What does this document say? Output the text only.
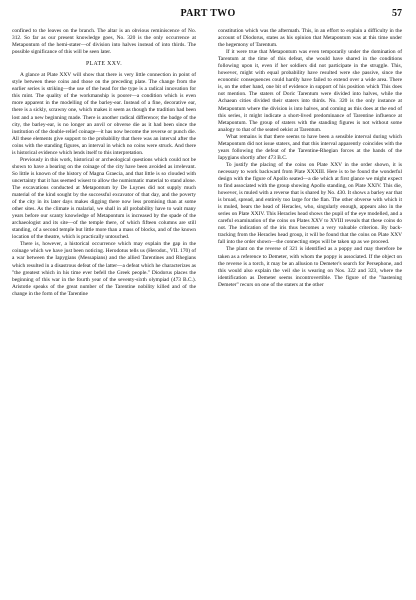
PART TWO	57

confined to the leaves on the branch. The altar is an obvious reminiscence of No. 312. So far as our present knowledge goes, No. 320 is the only occurrence at Metapontum of the hemi-stater—of division into halves instead of into thirds. The possible significance of this will be seen later.

PLATE XXV.

A glance at Plate XXV will show that there is very little connection in point of style between these coins and those on the preceding plate. The change from the earlier series is striking—the use of the head for the type is a radical innovation for this mint. The quality of the workmanship is poorer—a condition which is even more apparent in the modelling of the barley-ear. Instead of a fine, decorative ear, there is a sickly, scrawny one, which makes it seem as though the tradition had been lost and a new beginning made. There is another radical difference; the badge of the city, the barley-ear, is no longer an anvil or obverse die as it had been since the institution of the double-relief coinage—it has now become the reverse or punch die. All these elements give support to the probability that there was an interval after the coins with the standing figures, an interval in which no coins were struck. And there is historical evidence which lends itself to this interpretation.

Previously in this work, historical or archeological questions which could not be shown to have a bearing on the coinage of the city have been avoided as irrelevant. So little is known of the history of Magna Graecia, and that little is so clouded with uncertainty that it has seemed wisest to allow the numismatic material to stand alone. The excavations conducted at Metapontum by De Luynes did not supply much material of the kind sought by the successful excavator of that day, and the poverty of the city in its later days makes digging there now less promising than at some other sites. As the climate is malarial, we shall in all probability have to wait many years before our scanty knowledge of Metapontum is increased by the spade of the archaeologist and its site—of the temple there, of which fifteen columns are still standing, of a second temple but little more than a mass of blocks, and of the known location of the theatre, which is practically untouched.

There is, however, a historical occurrence which may explain the gap in the coinage which we have just been noticing. Herodotus tells us (Herodot., VII. 170) of a war between the Iapygians (Messapians) and the allied Tarentines and Rhegians which resulted in a disastrous defeat of the latter—a defeat which he characterizes as "the greatest which in his time ever befell the Greek people." Diodorus places the beginning of this war in the fourth year of the seventy-sixth olympiad (473 B.C.). Aristotle speaks of the great number of the Tarentine nobility killed and of the change in the form of the Tarentine

constitution which was the aftermath. This, in an effort to explain a difficulty in the account of Diodorus, states as his opinion that Metapontum was at this time under the hegemony of Tarentum.

If it were true that Metapontum was even temporarily under the domination of Tarentum at the time of this defeat, she would have shared in the conditions following upon it, even if her soldiers did not participate in the struggle. This, however, might with equal probability have resulted were she passive, since the economic consequences could hardly have failed to extend over a wide area. There is, on the other hand, one bit of evidence in support of his position which This does not mention. The staters of Doric Tarentum were divided into halves, while the Achaean cities divided their staters into thirds. No. 320 is the only instance at Metapontum where the division is into halves, and coming as this does at the end of this series, it might indicate a short-lived predominance of Tarentine influence at Metapontum. The group of staters with the standing figures is not without some analogy to that of the seated oekist at Tarentum.

What remains is that there seems to have been a sensible interval during which Metapontum did not issue staters, and that this interval apparently coincides with the years following the defeat of the Tarentine-Rhegian forces at the hands of the Iapygians shortly after 473 B.C.

To justify the placing of the coins on Plate XXV in the order shown, it is necessary to work backward from Plate XXXIII. Here is to be found the wonderful design with the figure of Apollo seated—a die which at first glance we might expect to find associated with the group showing Apollo standing, on Plate XXIV. This die, however, is muled with a reverse that is shared by No. 430. It shows a barley ear that is broad, spread, and entirely too large for the flan. The other obverse with which it is muled, bears the head of Heracles, who, singularly enough, appears also in the series on Plate XXIV. This Heracles head shows the pupil of the eye modelled, and a careful examination of the coins on Plates XXV to XVIII reveals that these coins do not. The indication of the iris thus becomes a very valuable criterion. By back-tracking from the Heracles head group, it will be found that the coins on Plate XXV fall into the order shown—the connecting steps will be taken up as we proceed.

The plant on the reverse of 321 is identified as a poppy and may therefore be taken as a reference to Demeter, with whom the poppy is associated. If the object on the reverse is a torch, it may be an allusion to Demeter's search for Persephone, and this would also explain the veil she is wearing on Nos. 322 and 323, where the identification as Demeter seems incontrovertible. The figure of the "hastening Demeter" recurs on one of the staters at the other
